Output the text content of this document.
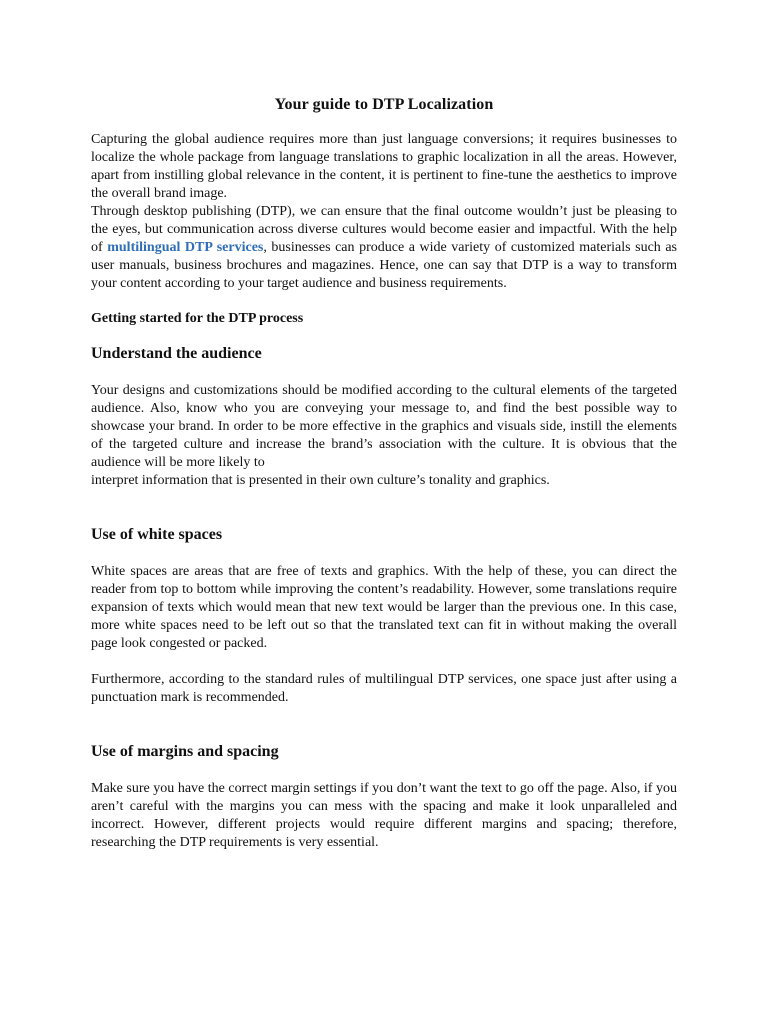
Your guide to DTP Localization

Capturing the global audience requires more than just language conversions; it requires businesses to localize the whole package from language translations to graphic localization in all the areas. However, apart from instilling global relevance in the content, it is pertinent to fine-tune the aesthetics to improve the overall brand image.

Through desktop publishing (DTP), we can ensure that the final outcome wouldn’t just be pleasing to the eyes, but communication across diverse cultures would become easier and impactful. With the help of multilingual DTP services, businesses can produce a wide variety of customized materials such as user manuals, business brochures and magazines. Hence, one can say that DTP is a way to transform your content according to your target audience and business requirements.

Getting started for the DTP process
Understand the audience

Your designs and customizations should be modified according to the cultural elements of the targeted audience. Also, know who you are conveying your message to, and find the best possible way to showcase your brand. In order to be more effective in the graphics and visuals side, instill the elements of the targeted culture and increase the brand’s association with the culture. It is obvious that the audience will be more likely to

interpret information that is presented in their own culture’s tonality and graphics.

Use of white spaces

White spaces are areas that are free of texts and graphics. With the help of these, you can direct the reader from top to bottom while improving the content’s readability. However, some translations require expansion of texts which would mean that new text would be larger than the previous one. In this case, more white spaces need to be left out so that the translated text can fit in without making the overall page look congested or packed.

Furthermore, according to the standard rules of multilingual DTP services, one space just after using a punctuation mark is recommended.

Use of margins and spacing

Make sure you have the correct margin settings if you don’t want the text to go off the page. Also, if you aren’t careful with the margins you can mess with the spacing and make it look unparalleled and incorrect. However, different projects would require different margins and spacing; therefore, researching the DTP requirements is very essential.
